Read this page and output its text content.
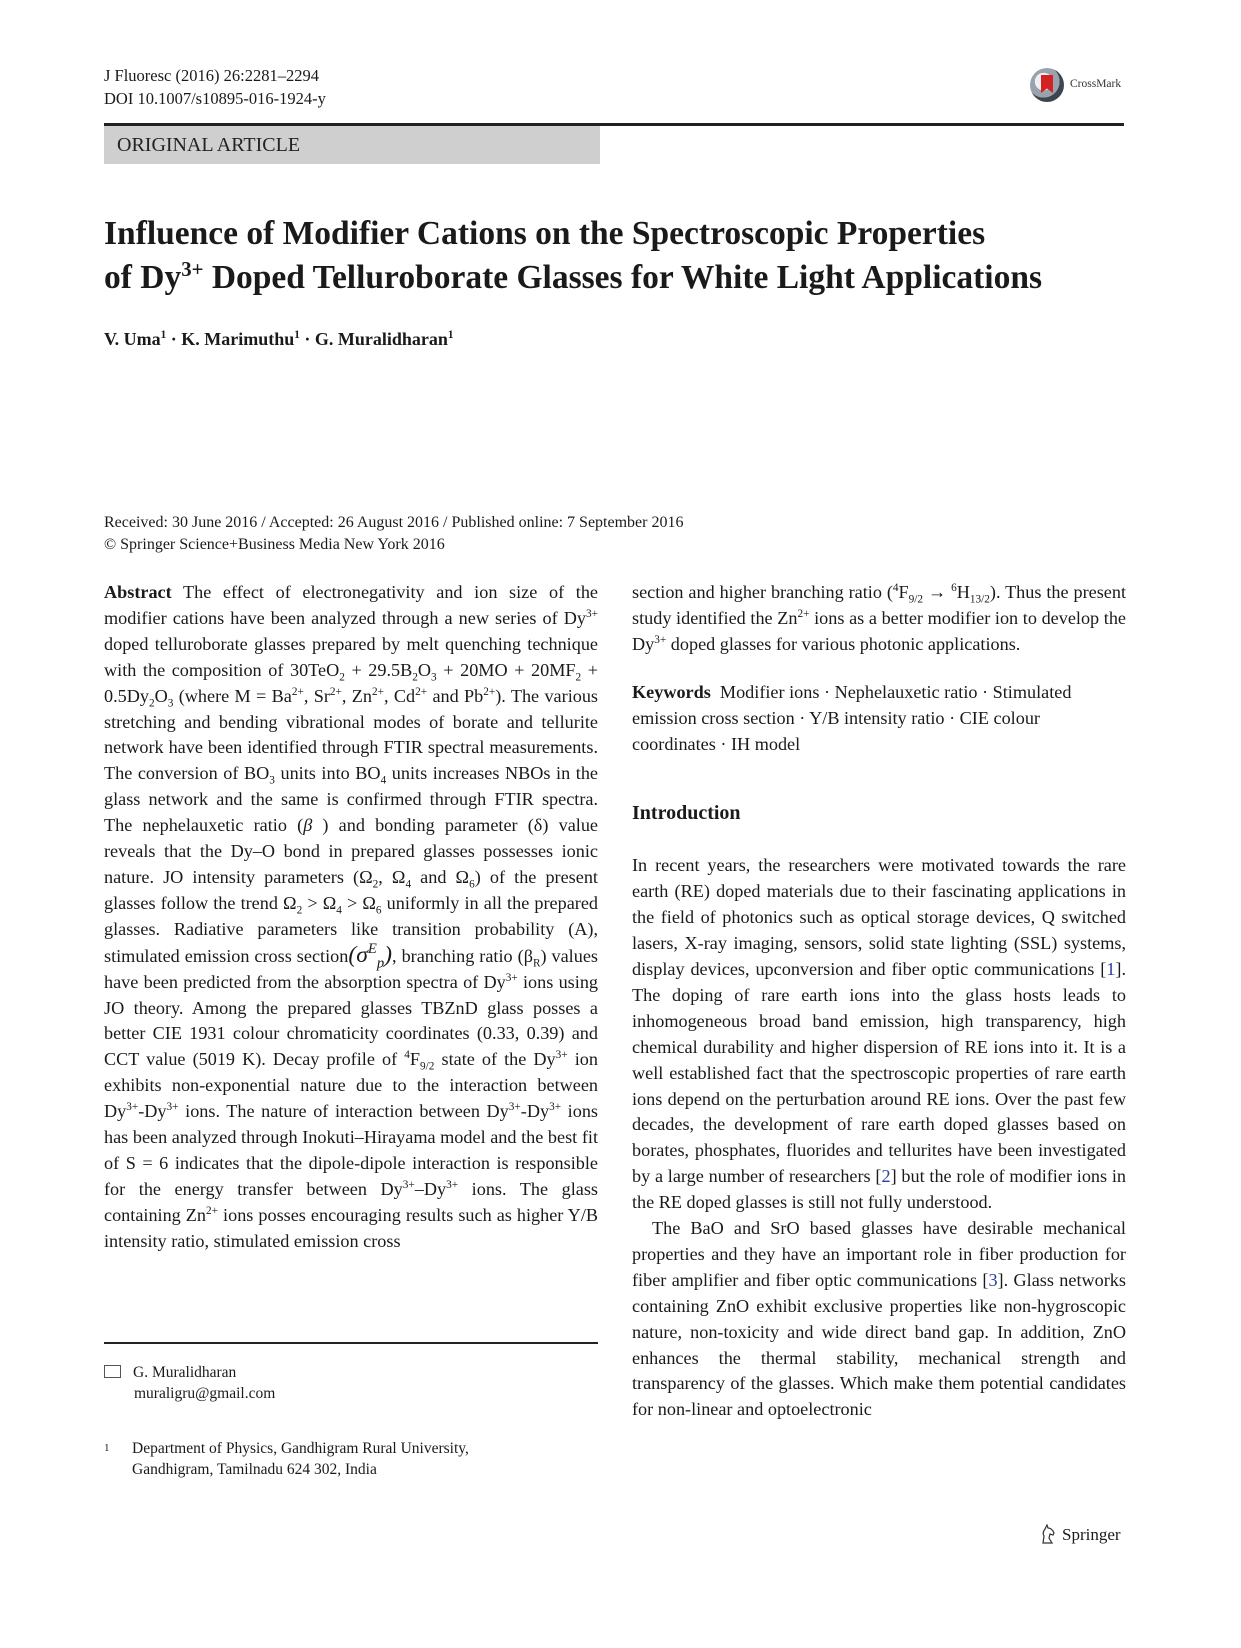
J Fluoresc (2016) 26:2281–2294
DOI 10.1007/s10895-016-1924-y
CrossMark
ORIGINAL ARTICLE
Influence of Modifier Cations on the Spectroscopic Properties
of $Dy^{3+}$ Doped Telluroborate Glasses for White Light Applications
V. Uma$^1$ · K. Marimuthu$^1$ · G. Muralidharan$^1$
Received: 30 June 2016 / Accepted: 26 August 2016 / Published online: 7 September 2016
© Springer Science+Business Media New York 2016

Abstract The effect of electronegativity and ion size of the modifier cations have been analyzed through a new series of $Dy^{3+}$ doped telluroborate glasses prepared by melt quenching technique with the composition of $30TeO_2 + 29.5B_2O_3 + 20MO + 20MF_2 + 0.5Dy_2O_3$ (where $M = Ba^{2+}$, $Sr^{2+}$, $Zn^{2+}$, $Cd^{2+}$ and $Pb^{2+}$). The various stretching and bending vibrational modes of borate and tellurite network have been identified through FTIR spectral measurements. The conversion of $BO_3$ units into $BO_4$ units increases NBOs in the glass network and the same is confirmed through FTIR spectra. The nephelauxetic ratio (β ) and bonding parameter (δ) value reveals that the Dy–O bond in prepared glasses possesses ionic nature. JO intensity parameters ($\Omega_2$, $\Omega_4$ and $\Omega_6$) of the present glasses follow the trend $\Omega_2 > \Omega_4 > \Omega_6$ uniformly in all the prepared glasses. Radiative parameters like transition probability (A), stimulated emission cross $section(\sigma^E_p)$, branching ratio $(\beta_R)$ values have been predicted from the absorption spectra of $Dy^{3+}$ ions using JO theory. Among the prepared glasses TBZnD glass posses a better CIE 1931 colour chromaticity coordinates (0.33, 0.39) and CCT value (5019 K). Decay profile of $^4F_{9/2}$ state of the $Dy^{3+}$ ion exhibits non-exponential nature due to the interaction between $Dy^{3+}-Dy^{3+}$ ions. The nature of interaction between $Dy^{3+}-Dy^{3+}$ ions has been analyzed through Inokuti–Hirayama model and the best fit of S = 6 indicates that the dipole-dipole interaction is responsible for the energy transfer between $Dy^{3+}-Dy^{3+}$ ions. The glass containing $Zn^{2+}$ ions posses encouraging results such as higher Y/B intensity ratio, stimulated emission cross

section and higher branching ratio $(^4F_{9/2} \to ^6H_{13/2})$. Thus the present study identified the $Zn^{2+}$ ions as a better modifier ion to develop the $Dy^{3+}$ doped glasses for various photonic applications.

Keywords Modifier ions · Nephelauxetic ratio · Stimulated emission cross section · Y/B intensity ratio · CIE colour coordinates · IH model

Introduction

In recent years, the researchers were motivated towards the rare earth (RE) doped materials due to their fascinating applications in the field of photonics such as optical storage devices, Q switched lasers, X-ray imaging, sensors, solid state lighting (SSL) systems, display devices, upconversion and fiber optic communications [1]. The doping of rare earth ions into the glass hosts leads to inhomogeneous broad band emission, high transparency, high chemical durability and higher dispersion of RE ions into it. It is a well established fact that the spectroscopic properties of rare earth ions depend on the perturbation around RE ions. Over the past few decades, the development of rare earth doped glasses based on borates, phosphates, fluorides and tellurites have been investigated by a large number of researchers [2] but the role of modifier ions in the RE doped glasses is still not fully understood.

The BaO and SrO based glasses have desirable mechanical properties and they have an important role in fiber production for fiber amplifier and fiber optic communications [3]. Glass networks containing ZnO exhibit exclusive properties like non-hygroscopic nature, non-toxicity and wide direct band gap. In addition, ZnO enhances the thermal stability, mechanical strength and transparency of the glasses. Which make them potential candidates for non-linear and optoelectronic

G. Muralidharan
muraligru@gmail.com
1 Department of Physics, Gandhigram Rural University,
Gandhigram, Tamilnadu 624 302, India
Springer
